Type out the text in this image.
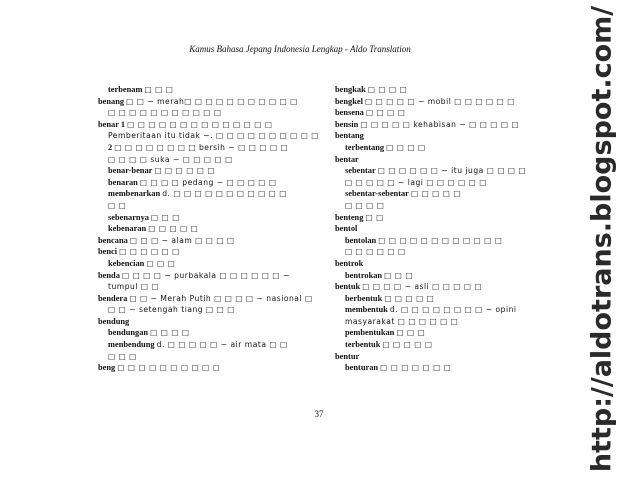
Kamus Bahasa Jepang Indonesia Lengkap - Aldo Translation
terbenam □ □ □
benang □ □ ~ merah□ □ □ □ □ □ □ □ □ □ □
□ □ □ □ □ □ □ □ □ □ □
benar 1 □ □ □ □ □ □ □ □ □ □ □ □ □ □
Pemberitaan itu tidak ~. □ □ □ □ □ □ □ □ □ □
2 □ □ □ □ □ □ □ □ bersih ~ □ □ □ □ □
□ □ □ □ suka ~ □ □ □ □ □
benar-benar □ □ □ □ □ □
benaran □ □ □ □ pedang ~ □ □ □ □ □
membenarkan d. □ □ □ □ □ □ □ □ □ □ □
□ □
sebenarnya □ □ □
kebenaran □ □ □ □ □
bencana □ □ □ ~ alam □ □ □ □
benci □ □ □ □ □ □
kebencian □ □ □
benda □ □ □ □ ~ purbakala □ □ □ □ □ □ ~
tumpul □ □
bendera □ □ ~ Merah Putih □ □ □ □ ~ nasional □
□ □ ~ setengah tiang □ □ □
bendung
bendungan □ □ □ □
menbendung d. □ □ □ □ □ ~ air mata □ □
□ □ □
beng □ □ □ □ □ □ □ □ □ □
bengkak □ □ □ □
bengkel □ □ □ □ □ ~ mobil □ □ □ □ □ □
bensena □ □ □ □
bensin □ □ □ □ □ kehabisan ~ □ □ □ □ □
bentang
terbentang □ □ □ □
bentar
sebentar □ □ □ □ □ □ ~ itu juga □ □ □ □
□ □ □ □ □ ~ lagi □ □ □ □ □ □
sebentar-sebentar □ □ □ □ □
□ □ □ □
benteng □ □
bentol
bentolan □ □ □ □ □ □ □ □ □ □ □ □
□ □ □ □ □ □
bentrok
bentrokan □ □ □
bentuk □ □ □ □ ~ asli □ □ □ □ □
berbentuk □ □ □ □ □
membentuk d. □ □ □ □ □ □ □ □ ~ opini
masyarakat □ □ □ □ □ □
pembentukan □ □ □
terbentuk □ □ □ □ □
bentur
benturan □ □ □ □ □ □ □
37	http://aldotrans.blogspot.com/
